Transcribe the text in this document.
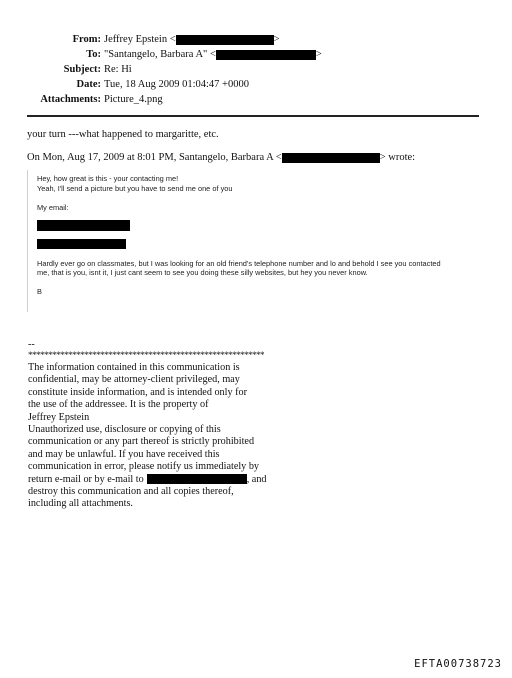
From: Jeffrey Epstein <	>
To: "Santangelo, Barbara A" <	>
Subject: Re: Hi
Date: Tue, 18 Aug 2009 01:04:47 +0000
Attachments: Picture_4.png
your turn ---what happened to margaritte, etc.
On Mon, Aug 17, 2009 at 8:01 PM, Santangelo, Barbara A <	> wrote:
Hey, how great is this - your contacting me!
Yeah, I'll send a picture but you have to send me one of you
My email:
Hardly ever go on classmates, but I was looking for an old friend's telephone number and lo and behold I see you contacted
me, that is you, isnt it, I just cant seem to see you doing these silly websites, but hey you never know.
B
--
***********************************************************
The information contained in this communication is
confidential, may be attorney-client privileged, may
constitute inside information, and is intended only for
the use of the addressee. It is the property of
Jeffrey Epstein
Unauthorized use, disclosure or copying of this
communication or any part thereof is strictly prohibited
and may be unlawful. If you have received this
communication in error, please notify us immediately by
return e-mail or by e-mail to	, and
destroy this communication and all copies thereof,
including all attachments.
EFTA00738723
